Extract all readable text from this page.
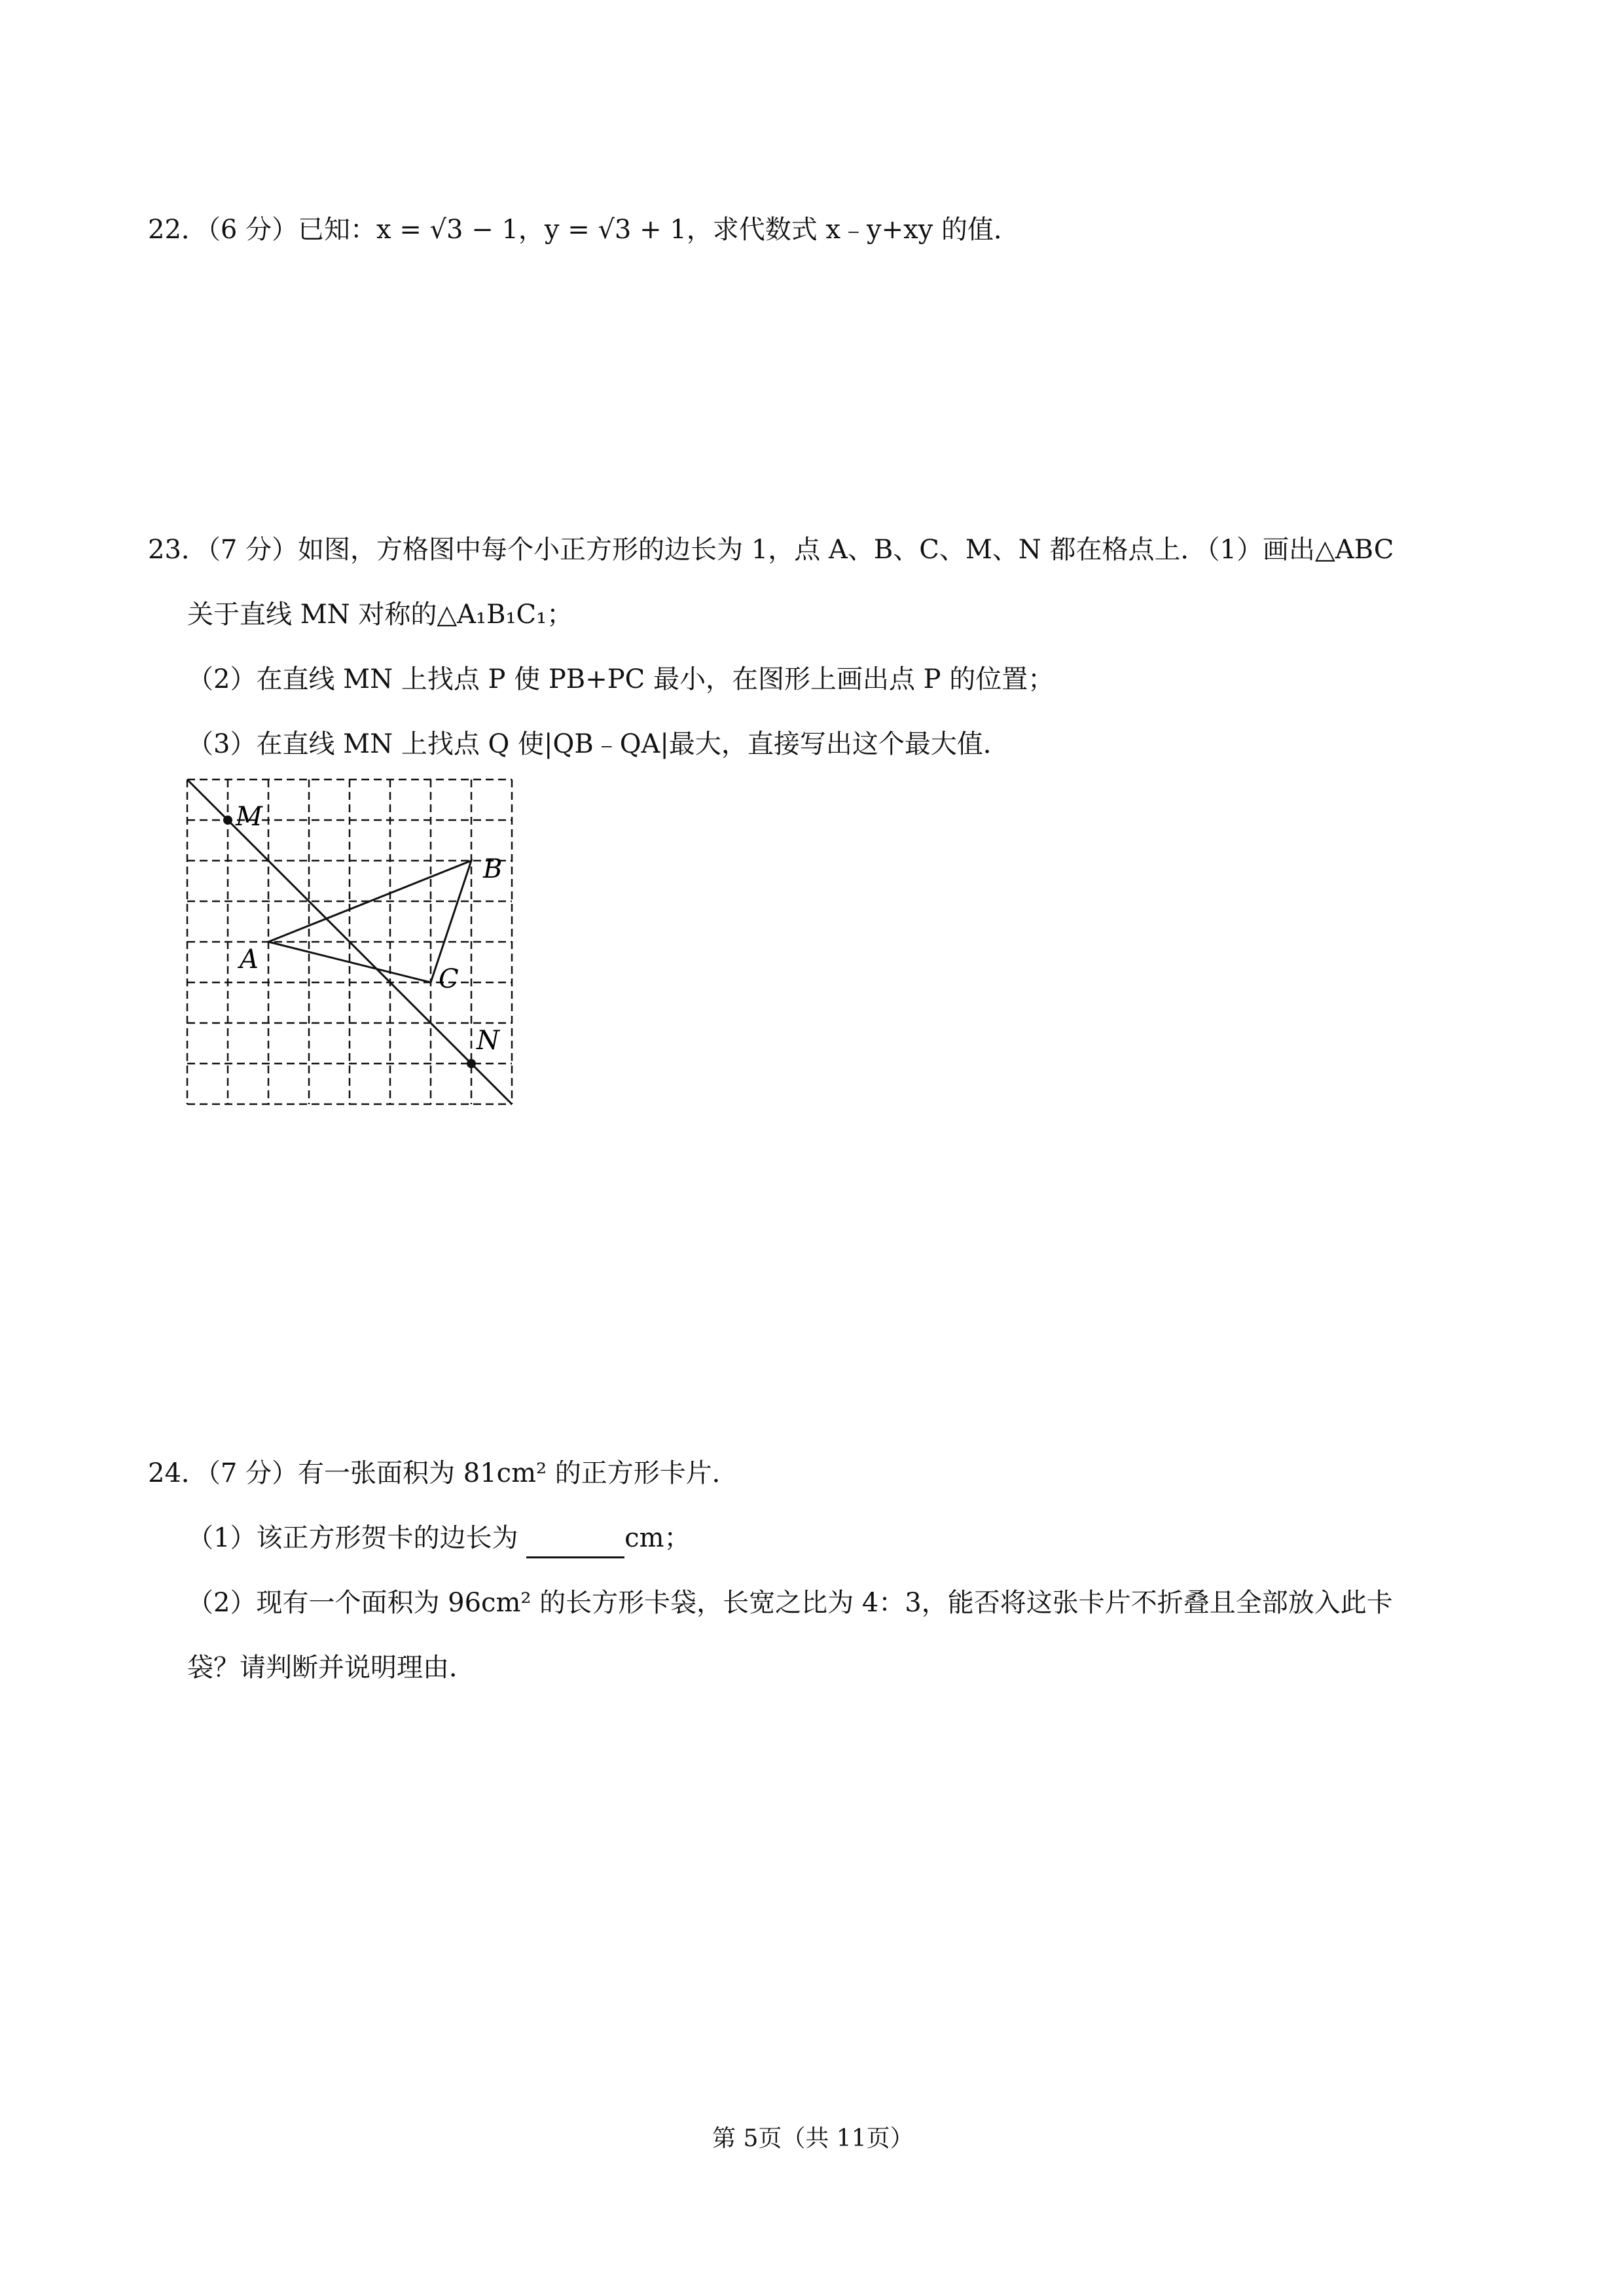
22．（6 分）已知：x = √3 − 1，y = √3 + 1，求代数式 x﹣y+xy 的值．
23．（7 分）如图，方格图中每个小正方形的边长为 1，点 A、B、C、M、N 都在格点上．（1）画出△ABC
关于直线 MN 对称的△A₁B₁C₁；
（2）在直线 MN 上找点 P 使 PB+PC 最小，在图形上画出点 P 的位置；
（3）在直线 MN 上找点 Q 使|QB﹣QA|最大，直接写出这个最大值．
M
B
A
C
N
24．（7 分）有一张面积为 81cm² 的正方形卡片．
（1）该正方形贺卡的边长为	cm；
（2）现有一个面积为 96cm² 的长方形卡袋，长宽之比为 4：3，能否将这张卡片不折叠且全部放入此卡
袋？请判断并说明理由．
第 5页（共 11页）
